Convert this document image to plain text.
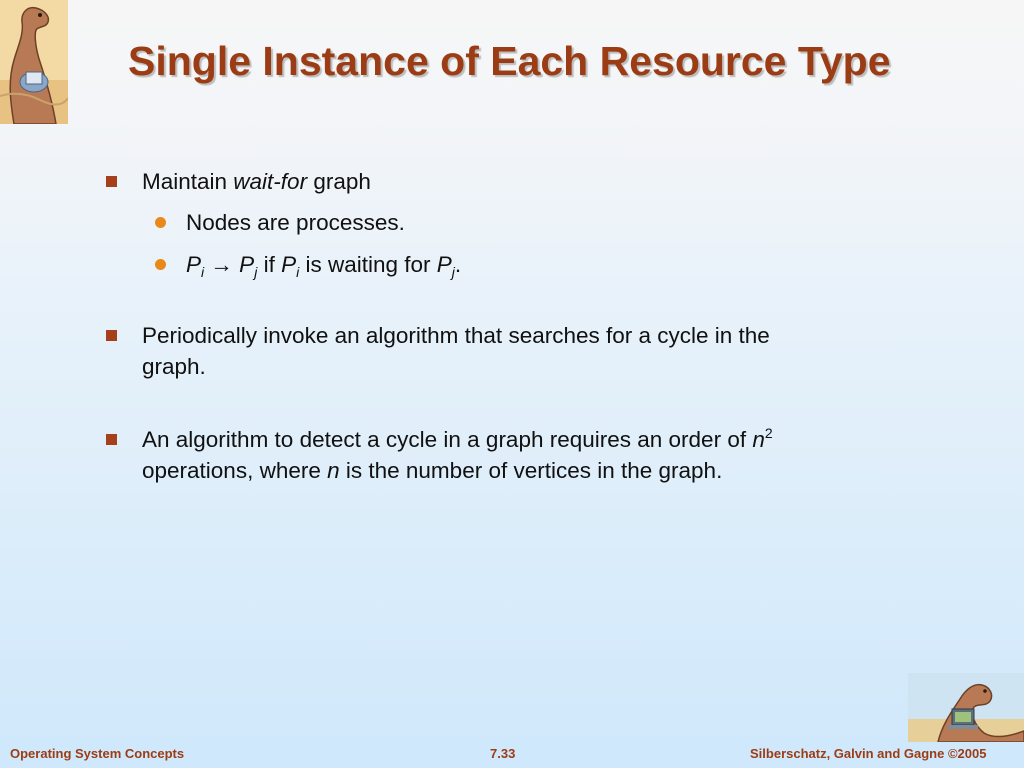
Single Instance of Each Resource Type
Maintain wait-for graph
Nodes are processes.
$P_i \to P_j$ if $P_i$ is waiting for $P_j$.
Periodically invoke an algorithm that searches for a cycle in the graph.
An algorithm to detect a cycle in a graph requires an order of $n^2$ operations, where n is the number of vertices in the graph.
Operating System Concepts	7.33	Silberschatz, Galvin and Gagne ©2005
